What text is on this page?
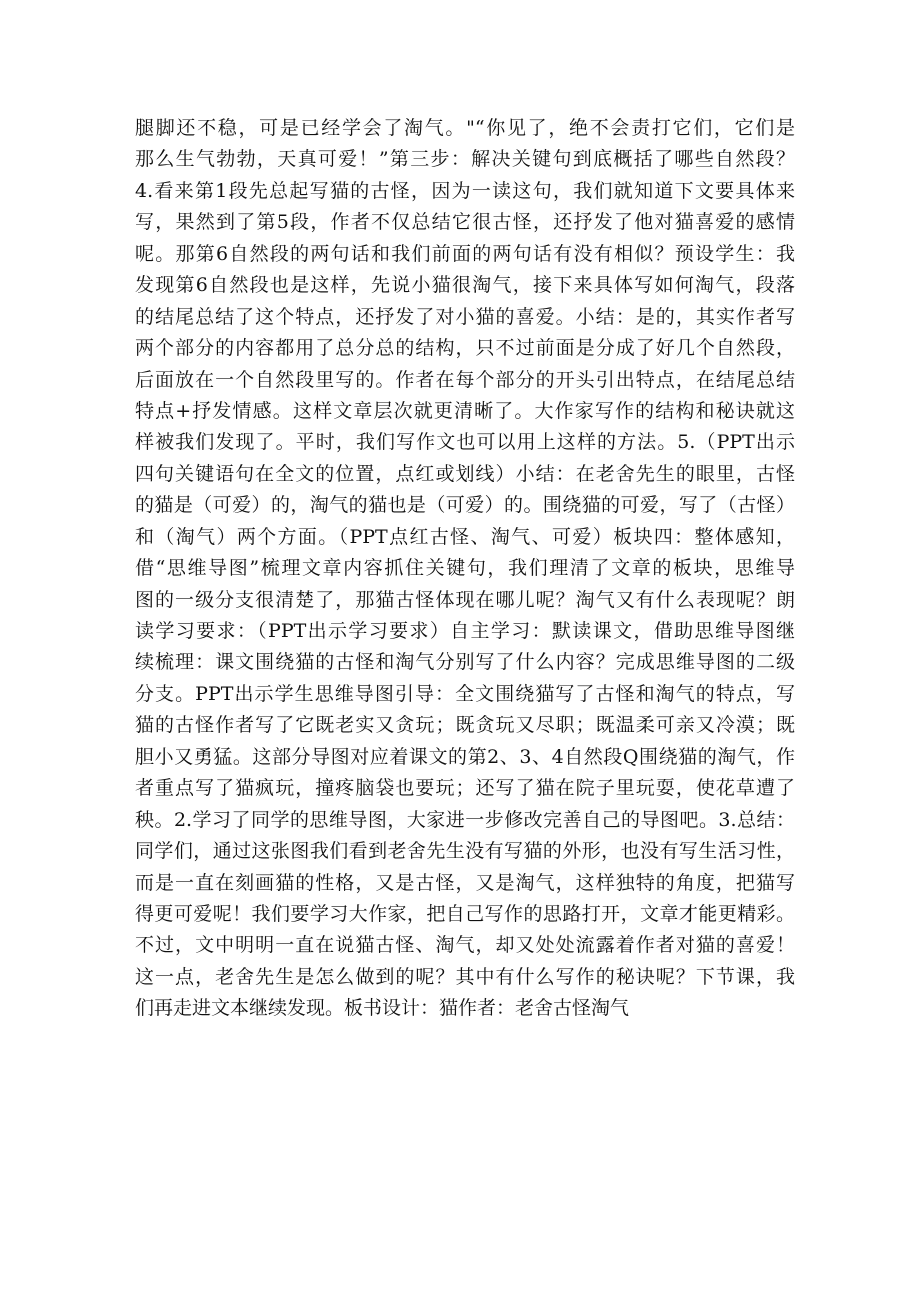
腿脚还不稳，可是已经学会了淘气。"“你见了，绝不会责打它们，它们是
那么生气勃勃，天真可爱！”第三步：解决关键句到底概括了哪些自然段？
4.看来第1段先总起写猫的古怪，因为一读这句，我们就知道下文要具体来
写，果然到了第5段，作者不仅总结它很古怪，还抒发了他对猫喜爱的感情
呢。那第6自然段的两句话和我们前面的两句话有没有相似？预设学生：我
发现第6自然段也是这样，先说小猫很淘气，接下来具体写如何淘气，段落
的结尾总结了这个特点，还抒发了对小猫的喜爱。小结：是的，其实作者写
两个部分的内容都用了总分总的结构，只不过前面是分成了好几个自然段，
后面放在一个自然段里写的。作者在每个部分的开头引出特点，在结尾总结
特点+抒发情感。这样文章层次就更清晰了。大作家写作的结构和秘诀就这
样被我们发现了。平时，我们写作文也可以用上这样的方法。5.（PPT出示
四句关键语句在全文的位置，点红或划线）小结：在老舍先生的眼里，古怪
的猫是（可爱）的，淘气的猫也是（可爱）的。围绕猫的可爱，写了（古怪）
和（淘气）两个方面。（PPT点红古怪、淘气、可爱）板块四：整体感知，
借“思维导图”梳理文章内容抓住关键句，我们理清了文章的板块，思维导
图的一级分支很清楚了，那猫古怪体现在哪儿呢？淘气又有什么表现呢？朗
读学习要求：（PPT出示学习要求）自主学习：默读课文，借助思维导图继
续梳理：课文围绕猫的古怪和淘气分别写了什么内容？完成思维导图的二级
分支。PPT出示学生思维导图引导：全文围绕猫写了古怪和淘气的特点，写
猫的古怪作者写了它既老实又贪玩；既贪玩又尽职；既温柔可亲又冷漠；既
胆小又勇猛。这部分导图对应着课文的第2、3、4自然段Q围绕猫的淘气，作
者重点写了猫疯玩，撞疼脑袋也要玩；还写了猫在院子里玩耍，使花草遭了
秧。2.学习了同学的思维导图，大家进一步修改完善自己的导图吧。3.总结：
同学们，通过这张图我们看到老舍先生没有写猫的外形，也没有写生活习性，
而是一直在刻画猫的性格，又是古怪，又是淘气，这样独特的角度，把猫写
得更可爱呢！我们要学习大作家，把自己写作的思路打开，文章才能更精彩。
不过，文中明明一直在说猫古怪、淘气，却又处处流露着作者对猫的喜爱！
这一点，老舍先生是怎么做到的呢？其中有什么写作的秘诀呢？下节课，我
们再走进文本继续发现。板书设计：猫作者：老舍古怪淘气
